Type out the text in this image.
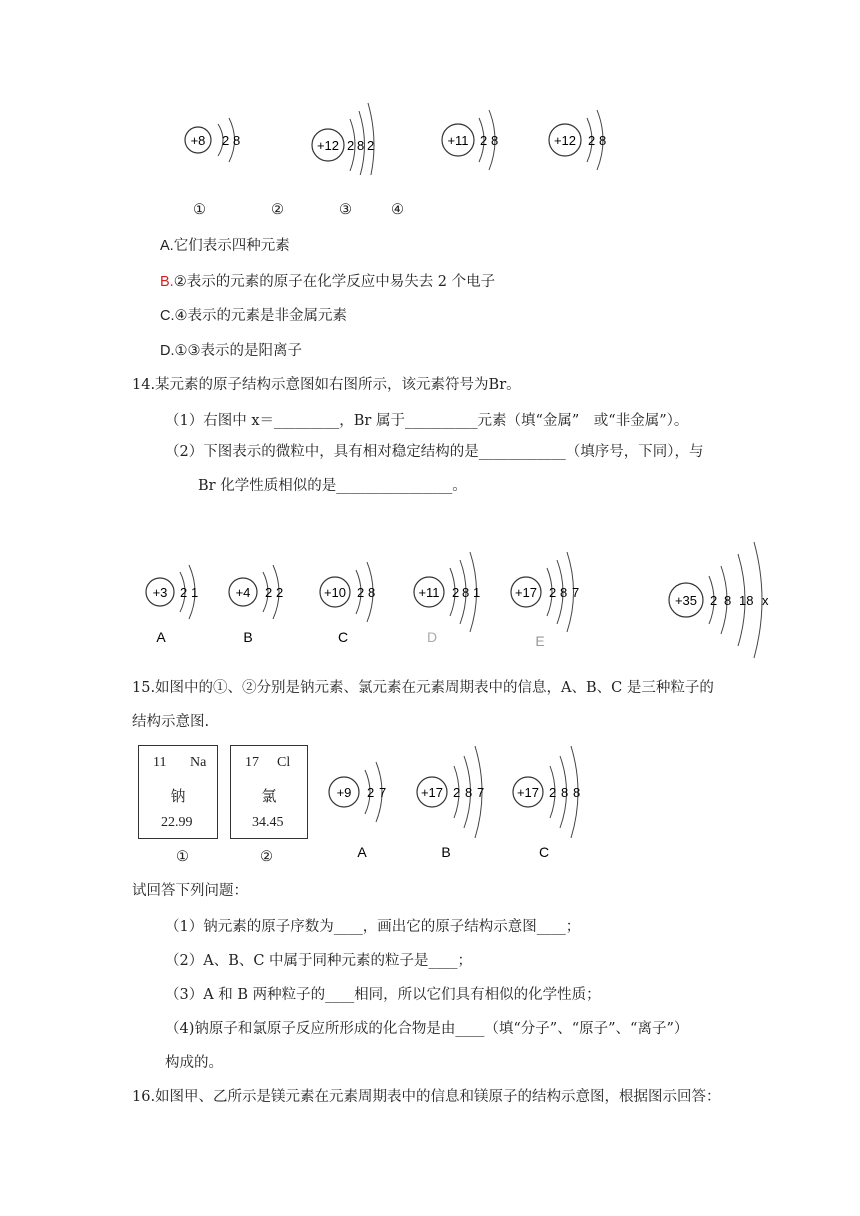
+8 2 8	+12 2 8 2	+11 2 8	+12 2 8
①	②	③	④
A.它们表示四种元素
B.②表示的元素的原子在化学反应中易失去 2 个电子
C.④表示的元素是非金属元素
D.①③表示的是阳离子
14.某元素的原子结构示意图如右图所示，该元素符号为Br。
（1）右图中 x＝_________，Br 属于__________元素（填“金属”　或“非金属”）。
（2）下图表示的微粒中，具有相对稳定结构的是____________（填序号，下同），与
Br 化学性质相似的是________________。
+3 2 1	+4 2 2	+10 2 8	+11 2 8 1	+17 2 8 7
+35 2 8 18 x
A	B	C	D	E
15.如图中的①、②分别是钠元素、氯元素在元素周期表中的信息，A、B、C 是三种粒子的
结构示意图.
11 Na
钠
22.99
17 Cl
氯
34.45
①	②
+9 2 7	+17 2 8 7	+17 2 8 8
A	B	C
试回答下列问题：
（1）钠元素的原子序数为____，画出它的原子结构示意图____；
（2）A、B、C 中属于同种元素的粒子是____；
（3）A 和 B 两种粒子的____相同，所以它们具有相似的化学性质；
（4)钠原子和氯原子反应所形成的化合物是由____（填“分子”、“原子”、“离子”）
构成的。
16.如图甲、乙所示是镁元素在元素周期表中的信息和镁原子的结构示意图，根据图示回答：
